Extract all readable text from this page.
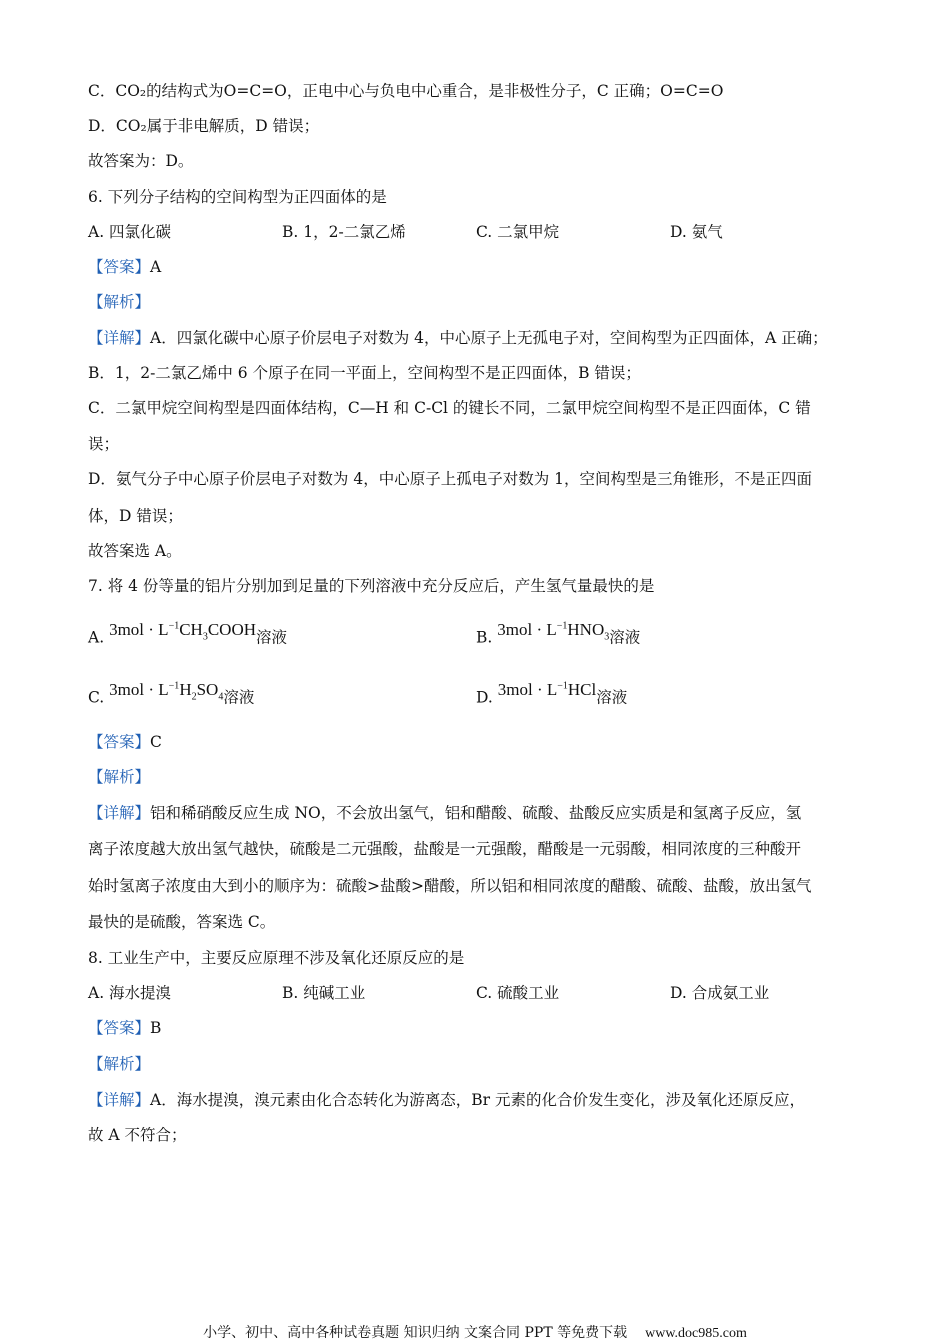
C．CO₂的结构式为O=C=O，正电中心与负电中心重合，是非极性分子，C 正确；O=C=O
D．CO₂属于非电解质，D 错误；
故答案为：D。
6. 下列分子结构的空间构型为正四面体的是
A. 四氯化碳	B. 1，2-二氯乙烯	C. 二氯甲烷	D. 氨气
【答案】A
【解析】
【详解】A．四氯化碳中心原子价层电子对数为 4，中心原子上无孤电子对，空间构型为正四面体，A 正确；
B．1，2-二氯乙烯中 6 个原子在同一平面上，空间构型不是正四面体，B 错误；
C．二氯甲烷空间构型是四面体结构，C—H 和 C-Cl 的键长不同，二氯甲烷空间构型不是正四面体，C 错
误；
D．氨气分子中心原子价层电子对数为 4，中心原子上孤电子对数为 1，空间构型是三角锥形，不是正四面
体，D 错误；
故答案选 A。
7. 将 4 份等量的铝片分别加到足量的下列溶液中充分反应后，产生氢气量最快的是
A. $3mol \cdot L^{-1}CH_3COOH$溶液	B. $3mol \cdot L^{-1}HNO_3$溶液
C. $3mol \cdot L^{-1}H_2SO_4$溶液	D. $3mol \cdot L^{-1}HCl$溶液
【答案】C
【解析】
【详解】铝和稀硝酸反应生成 NO，不会放出氢气，铝和醋酸、硫酸、盐酸反应实质是和氢离子反应，氢
离子浓度越大放出氢气越快，硫酸是二元强酸，盐酸是一元强酸，醋酸是一元弱酸，相同浓度的三种酸开
始时氢离子浓度由大到小的顺序为：硫酸>盐酸>醋酸，所以铝和相同浓度的醋酸、硫酸、盐酸，放出氢气
最快的是硫酸，答案选 C。
8. 工业生产中，主要反应原理不涉及氧化还原反应的是
A. 海水提溴	B. 纯碱工业	C. 硫酸工业	D. 合成氨工业
【答案】B
【解析】
【详解】A．海水提溴，溴元素由化合态转化为游离态，Br 元素的化合价发生变化，涉及氧化还原反应，
故 A 不符合；
小学、初中、高中各种试卷真题 知识归纳 文案合同 PPT 等免费下载 www.doc985.com
